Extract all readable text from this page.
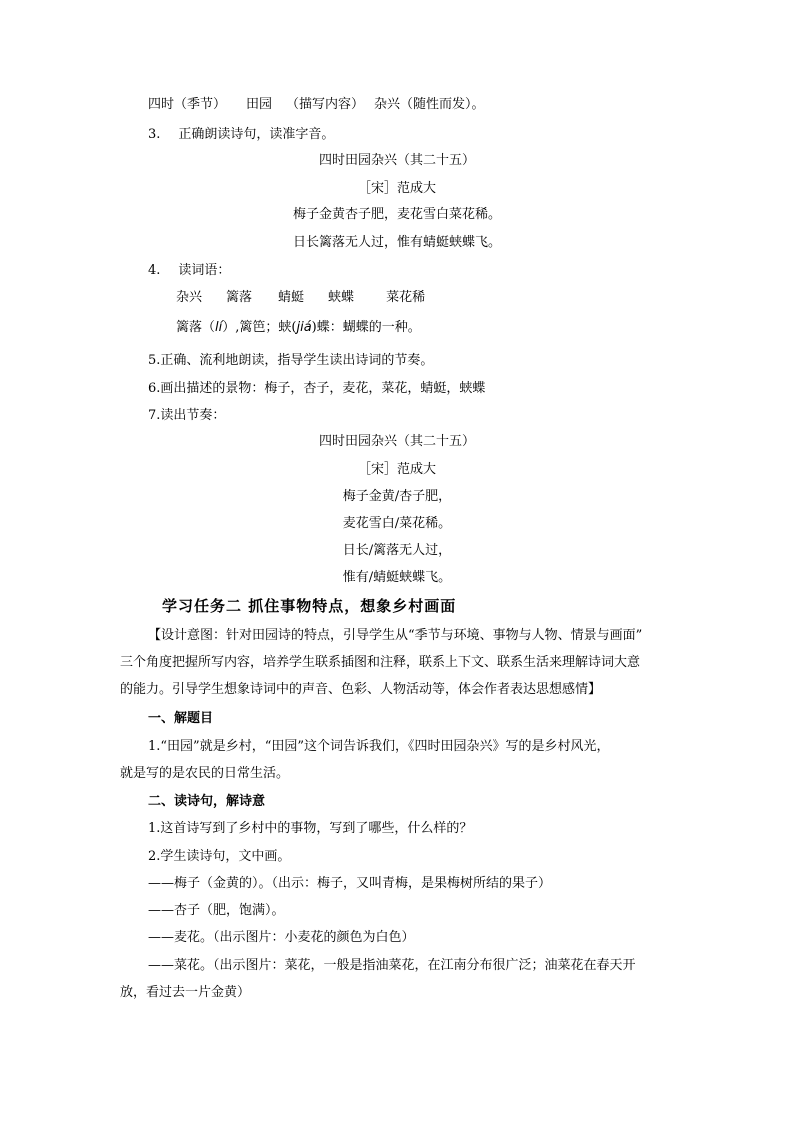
四时（季节） 田园 （描写内容） 杂兴（随性而发）。
3. 正确朗读诗句，读准字音。
四时田园杂兴（其二十五）
［宋］范成大
梅子金黄杏子肥，麦花雪白菜花稀。
日长篱落无人过，惟有蜻蜓蛱蝶飞。
4. 读词语：
杂兴 篱落 蜻蜓 蛱蝶 菜花稀
篱落（lí）,篱笆；蛱(jiá)蝶：蝴蝶的一种。
5.正确、流利地朗读，指导学生读出诗词的节奏。
6.画出描述的景物：梅子，杏子，麦花，菜花，蜻蜓，蛱蝶
7.读出节奏：
四时田园杂兴（其二十五）
［宋］范成大
梅子金黄/杏子肥，
麦花雪白/菜花稀。
日长/篱落无人过，
惟有/蜻蜓蛱蝶飞。
学习任务二 抓住事物特点，想象乡村画面
【设计意图：针对田园诗的特点，引导学生从“季节与环境、事物与人物、情景与画面”
三个角度把握所写内容，培养学生联系插图和注释，联系上下文、联系生活来理解诗词大意
的能力。引导学生想象诗词中的声音、色彩、人物活动等，体会作者表达思想感情】
一、解题目
1.“田园”就是乡村，“田园”这个词告诉我们，《四时田园杂兴》写的是乡村风光，
就是写的是农民的日常生活。
二、读诗句，解诗意
1.这首诗写到了乡村中的事物，写到了哪些，什么样的？
2.学生读诗句，文中画。
——梅子（金黄的）。（出示：梅子，又叫青梅，是果梅树所结的果子）
——杏子（肥，饱满）。
——麦花。（出示图片：小麦花的颜色为白色）
——菜花。（出示图片：菜花，一般是指油菜花，在江南分布很广泛；油菜花在春天开
放，看过去一片金黄）
